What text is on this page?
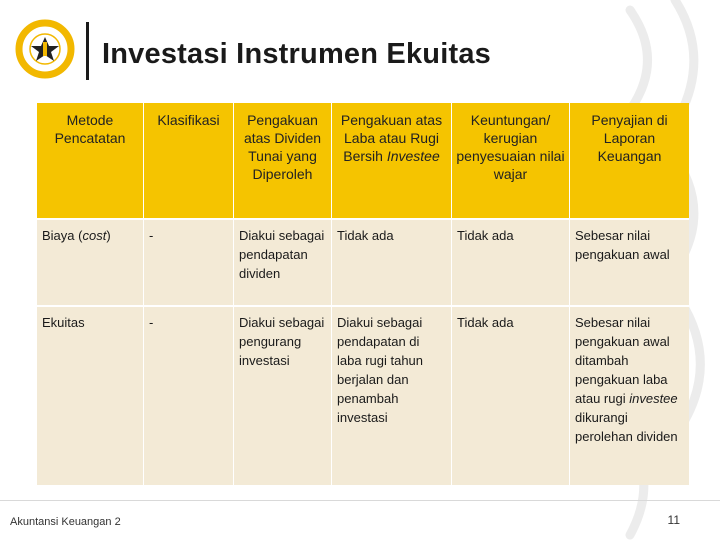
Investasi Instrumen Ekuitas
Metode Pencatatan	Klasifikasi	Pengakuan atas Dividen Tunai yang Diperoleh	Pengakuan atas Laba atau Rugi Bersih Investee	Keuntungan/ kerugian penyesuaian nilai wajar	Penyajian di Laporan Keuangan
Biaya (cost)	-	Diakui sebagai pendapatan dividen	Tidak ada	Tidak ada	Sebesar nilai pengakuan awal
Ekuitas	-	Diakui sebagai pengurang investasi	Diakui sebagai pendapatan di laba rugi tahun berjalan dan penambah investasi	Tidak ada	Sebesar nilai pengakuan awal ditambah pengakuan laba atau rugi investee dikurangi perolehan dividen
Akuntansi Keuangan 2	11
